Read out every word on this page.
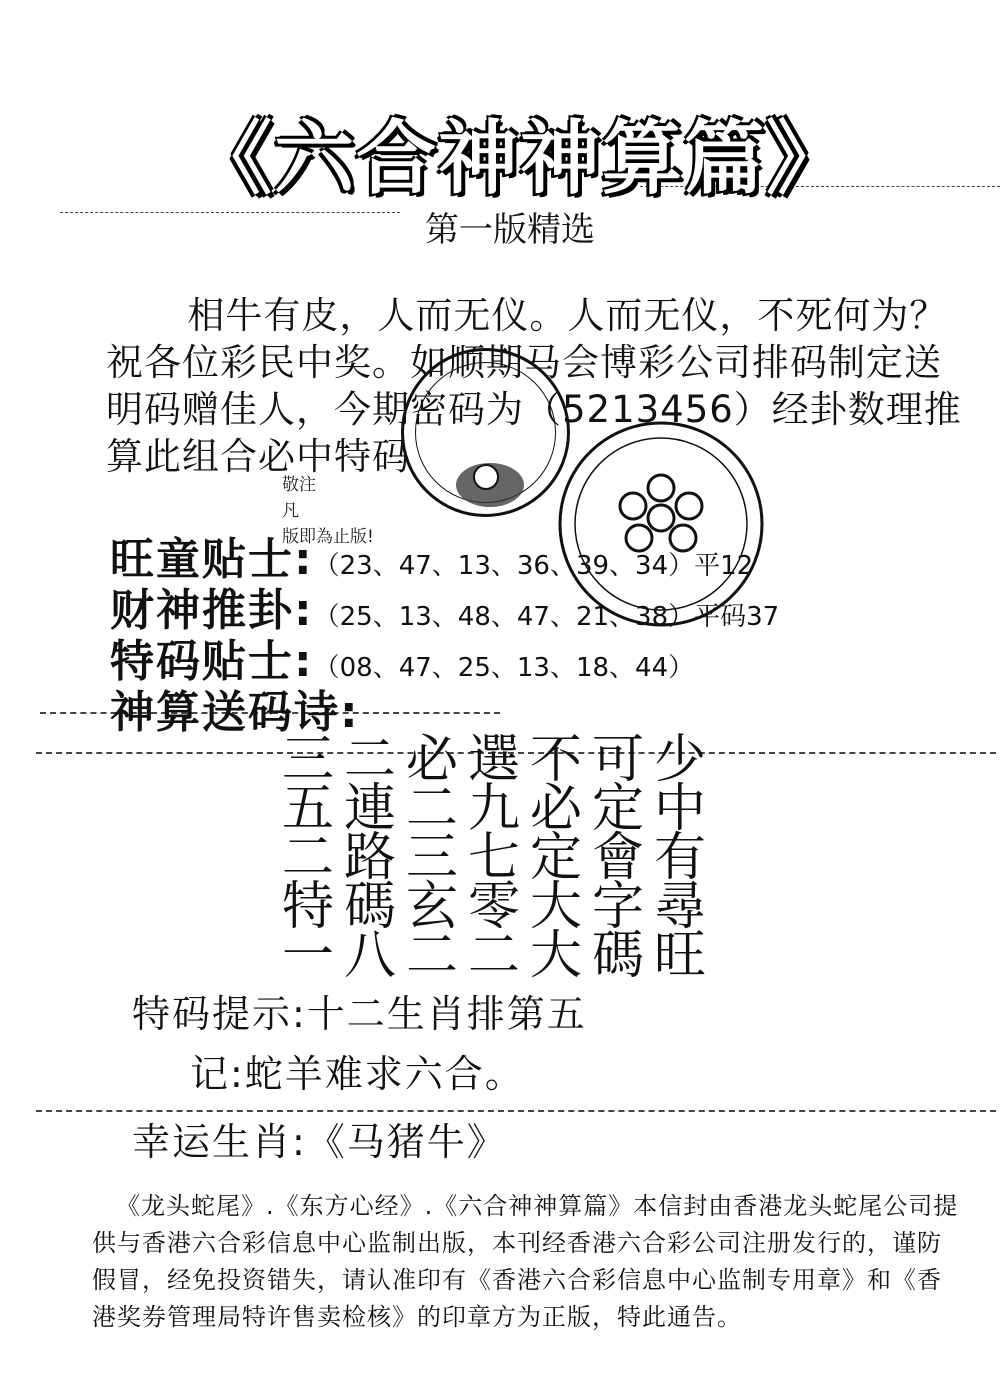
《六合神神算篇》
第一版精选

相牛有皮，人而无仪。人而无仪，不死何为？　祝各位彩民中奖。如顺期马会博彩公司排码制定送明码赠佳人，今期密码为（5213456）经卦数理推算此组合必中特码

敬注
凡
版即為止版!
旺童贴士:（23、47、13、36、39、34）平12
财神推卦:（25、13、48、47、21、38）平码37
特码贴士:（08、47、25、13、18、44）
神算送码诗:
三二必選不可少
五連二九必定中
二路三七定會有
特碼玄零大字尋
一八二二大碼旺
特码提示:十二生肖排第五
记:蛇羊难求六合。
幸运生肖:《马猪牛》

《龙头蛇尾》.《东方心经》.《六合神神算篇》本信封由香港龙头蛇尾公司提供与香港六合彩信息中心监制出版，本刊经香港六合彩公司注册发行的，谨防假冒，经免投资错失，请认准印有《香港六合彩信息中心监制专用章》和《香港奖券管理局特许售卖检核》的印章方为正版，特此通告。
